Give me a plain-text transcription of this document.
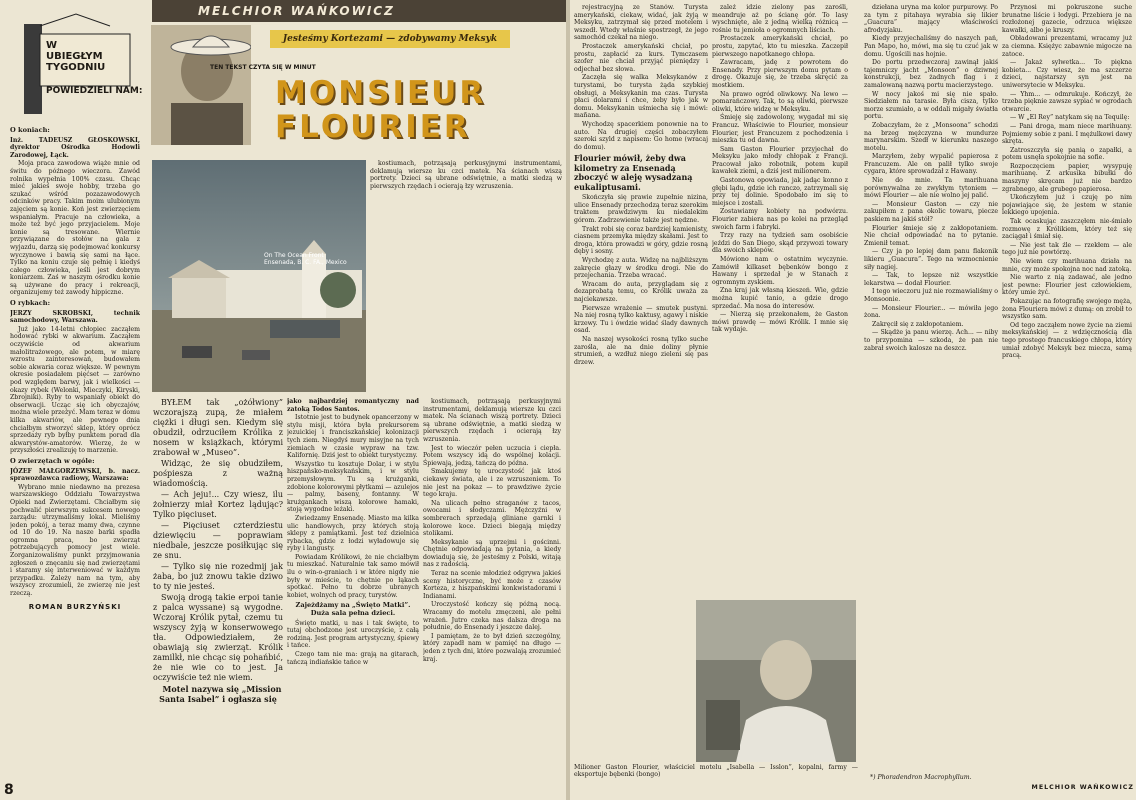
W
UBIEGŁYM
TYGODNIU
POWIEDZIELI NAM:
O koniach:

Inż. TADEUSZ GŁOSKOWSKI, dyrektor Ośrodka Hodowli Zarodowej, Łąck.

Moja praca zawodowa wiąże mnie od świtu do późnego wieczora. Zawód rolnika wypełnia 100% czasu. Chcąc mieć jakieś swoje hobby, trzeba go szukać wśród pozazawodowych odcinków pracy. Takim moim ulubionym zajęciem są konie. Koń jest zwierzęciem wspaniałym. Pracuje na człowieka, a może też być jego przyjacielem. Moje konie są tresowane. Wiernie przywiązane do stołów na gala z wyjazdu, darzą się podejmować konkursy wyczynowe i bawią się sami na łące. Tylko na koniu czuje się pełnię i kiedyś całego człowieka, jeśli jest dobrym koniarzem. Zaś w naszym ośrodku konie są używane do pracy i rekreacji, organizujemy też zawody hippiczne.

O rybkach:

JERZY SKROBSKI, technik samochodowy, Warszawa.

Już jako 14-letni chłopiec zacząłem hodować rybki w akwarium. Zacząłem oczywiście od akwarium małolitrażowego, ale potem, w miarę wzrostu zainteresowań, budowałem sobie akwaria coraz większe. W pewnym okresie posiadałem pięćset — zarówno pod względem barwy, jak i wielkości — okazy rybek (Welonki, Mieczyki, Kiryski, Zbrojniki). Ryby to wspaniały obiekt do obserwacji. Ucząc się ich obyczajów, można wiele przeżyć. Mam teraz w domu kilka akwariów, ale pewnego dnia chciałbym stworzyć sklep, który oprócz sprzedaży ryb byłby punktem porad dla akwarystów-amatorów. Wierzę, że w przyszłości zrealizuję to marzenie.

O zwierzętach w ogóle:

JÓZEF MAŁGORZEWSKI, b. nacz. sprawozdawca radiowy, Warszawa:

Wybrano mnie niedawno na prezesa warszawskiego Oddziału Towarzystwa Opieki nad Zwierzętami. Chciałbym się pochwalić pierwszym sukcesem nowego zarządu: utrzymaliśmy lokal. Mieliśmy jeden pokój, a teraz mamy dwa, czynne od 10 do 19. Na nasze barki spadła ogromna praca, bo zwierząt potrzebujących pomocy jest wiele. Zorganizowaliśmy punkt przyjmowania zgłoszeń o znęcaniu się nad zwierzętami i staramy się interweniować w każdym przypadku. Zależy nam na tym, aby wszyscy zrozumieli, że zwierzę nie jest rzeczą.

ROMAN BURZYŃSKI
8
MELCHIOR WAŃKOWICZ
TEN TEKST CZYTA SIĘ W MINUT
Jesteśmy Kortezami — zdobywamy Meksyk
MONSIEUR
FLOURIER
On The Ocean Front
Ensenada, B. C. FA., Mexico

BYŁEM tak „ożółwiony” wczorajszą zupą, że miałem ciężki i długi sen. Kiedym się obudził, odrzuciłem Królika z nosem w książkach, którymi zrabował w „Museo”.

Widząc, że się obudziłem, pośpiesza z ważną wiadomością.

— Ach jeju!... Czy wiesz, ilu żołnierzy miał Kortez lądując? Tylko pięciuset.

— Pięciuset czterdziestu dziewięciu — poprawiam niedbale, jeszcze posiłkując się ze snu.

— Tylko się nie rozedmij jak żaba, bo już znowu takie dziwo to ty nie jesteś.

Swoją drogą takie erpoi tanie z palca wyssane) są wygodne. Wczoraj Królik pytał, czemu tu wszyscy żyją w konserwowego tła. Odpowiedziałem, że obawiają się zwierząt. Królik zamilkł, nie chcąc się pohańbić, że nie wie co to jest. Ja oczywiście też nie wiem.

Motel nazywa się „Mission Santa Isabel” i ogłasza się

jako najbardziej romantyczny nad zatoką Todos Santos.

Istotnie jest to budynek opancerzony w stylu misji, która była prekursorem jezuickiej i franciszkańskiej kolonizacji tych ziem. Niegdyś mury misyjne na tych ziemiach w czasie wypraw na tzw. Kalifornię. Dziś jest to obiekt turystyczny.

Wszystko tu kosztuje Dolar, i w stylu hiszpańsko-meksykańskim, i w stylu przemysłowym. Tu są krużganki, zdobione kolorowymi płytkami — azulejos — palmy, baseny, fontanny. W krużgankach wiszą kolorowe hamaki, stoją wygodne leżaki.

Zwiedzamy Ensenadę. Miasto ma kilka ulic handlowych, przy których stoją sklepy z pamiątkami. Jest też dzielnica rybacka, gdzie z łodzi wyładowuje się ryby i langusty.

Powiadam Królikowi, że nie chciałbym tu mieszkać. Naturalnie tak samo mówił ilu o win-o-graniach i w które nigdy nie były w mieście, to chętnie po łąkach spotkać. Pełno tu dobrze ubranych kobiet, wolnych od pracy, turystów.

Zajeżdżamy na „Święto Matki”. Duża sala pełna dzieci.

Święto matki, u nas i tak święte, to tutaj obchodzone jest uroczyście, z całą rodziną. Jest program artystyczny, śpiewy i tańce.

Czego tam nie ma: grają na gitarach, tańczą indiańskie tańce w

kostiumach, potrząsają perkusyjnymi instrumentami, deklamują wiersze ku czci matek. Na ścianach wiszą portrety. Dzieci są ubrane odświętnie, a matki siedzą w pierwszych rzędach i ocierają łzy wzruszenia.

Jest to wieczór pełen uczucia i ciepła. Potem wszyscy idą do wspólnej kolacji. Śpiewają, jedzą, tańczą do późna.

Smakujemy tę uroczystość jak ktoś ciekawy świata, ale i ze wzruszeniem. To nie jest na pokaz — to prawdziwe życie tego kraju.

Na ulicach pełno straganów z tacos, owocami i słodyczami. Mężczyźni w sombrerach sprzedają gliniane garnki i kolorowe koce. Dzieci biegają między stolikami.

Meksykanie są uprzejmi i gościnni. Chętnie odpowiadają na pytania, a kiedy dowiadują się, że jesteśmy z Polski, witają nas z radością.

Teraz na scenie młodzież odgrywa jakieś sceny historyczne, być może z czasów Korteza, z hiszpańskimi konkwistadorami i Indianami.

Uroczystość kończy się późną nocą. Wracamy do motelu zmęczeni, ale pełni wrażeń. Jutro czeka nas dalsza droga na południe, do Ensenady i jeszcze dalej.

I pamiętam, że to był dzień szczególny, który zapadł nam w pamięć na długo — jeden z tych dni, które pozwalają zrozumieć kraj.

kostiumach, potrząsają perkusyjnymi instrumentami, deklamują wiersze ku czci matek. Na ścianach wiszą portrety. Dzieci są ubrane odświętnie, a matki siedzą w pierwszych rzędach i ocierają łzy wzruszenia.

rejestracyjną ze Stanów. Turysta amerykański, ciekaw, widać, jak żyją w Meksyku, zatrzymał się przed motelem i wszedł. Wtedy właśnie spostrzegł, że jego samochód czekał na niego.

Prostaczek amerykański chciał, po prostu, zapłacić za kurs. Tymczasem szofer nie chciał przyjąć pieniędzy i odjechał bez słowa.

Zaczęła się walka Meksykanów z turystami, bo turysta żąda szybkiej obsługi, a Meksykanin ma czas. Turysta płaci dolarami i chce, żeby było jak w domu. Meksykanin uśmiecha się i mówi: mañana.

Wychodzę spacerkiem ponownie na to auto. Na drugiej części zobaczyłem szeroki szyld z napisem: Go home (wracaj do domu).

Flourier mówił, żeby dwa kilometry za Ensenadą zboczyć w aleję wysadzaną eukaliptusami.

Skończyła się prawie zupełnie nizina, ulice Ensenady przechodzą teraz szerokim traktem prawdziwym ku niedalekim górom. Zadrzewienie także jest nędzne.

Trakt robi się coraz bardziej kamienisty, ciasnem przemyka między skałami. Jest to droga, która prowadzi w góry, gdzie rosną dęby i sosny.

Wychodzę z auta. Widzę na najbliższym zakręcie głazy w środku drogi. Nie do przejechania. Trzeba wracać.

Wracam do auta, przyglądam się z dezaprobatą temu, co Królik uważa za najciekawsze.

Pierwsze wrażenie — smutek pustyni. Na niej rosną tylko kaktusy, agawy i niskie krzewy. Tu i ówdzie widać ślady dawnych osad.

Na naszej wysokości rosną tylko suche zarośla, ale na dnie doliny płynie strumień, a wzdłuż niego zieleni się pas drzew.

zależ idzie zielony pas zarośli, meandruje aż po ścianę gór. To lasy wyschnięte, ale z jedną wielką różnicą — rośnie tu jemioła o ogromnych liściach.

Prostaczek amerykański chciał, po prostu, zapytać, kto tu mieszka. Zaczepił pierwszego napotkanego chłopa.

Zawracam, jadę z powrotem do Ensenady. Przy pierwszym domu pytam o drogę. Okazuje się, że trzeba skręcić za mostkiem.

Na prawo ogród oliwkowy. Na lewo — pomarańczowy. Tak, to są oliwki, pierwsze oliwki, które widzę w Meksyku.

Śmieję się zadowolony, wygadał mi się Francuz. Właściwie to Flourier, monsieur Flourier, jest Francuzem z pochodzenia i mieszka tu od dawna.

Sam Gaston Flourier przyjechał do Meksyku jako młody chłopak z Francji. Pracował jako robotnik, potem kupił kawałek ziemi, a dziś jest milionerem.

Gastonowa opowiada, jak jadąc konno z głębi lądu, gdzie ich ranczo, zatrzymali się przy tej dolinie. Spodobało im się to miejsce i zostali.

Zostawiamy kobiety na podwórzu. Flourier zabiera nas po kolei na przegląd swoich farm i fabryki.

Trzy razy na tydzień sam osobiście jeździ do San Diego, skąd przywozi towary dla swoich sklepów.

Mówiono nam o ostatnim wyczynie. Zamówił kilkaset bębenków bongo z Hawany i sprzedał je w Stanach z ogromnym zyskiem.

Zna kraj jak własną kieszeń. Wie, gdzie można kupić tanio, a gdzie drogo sprzedać. Ma nosa do interesów.

— Nierzą się przekonałem, że Gaston mówi prawdę — mówi Królik. I mnie się tak wydaje.

Milioner Gaston Flourier, właściciel motelu „Isabella — Isslon”, kopalni, farmy — eksportuje bębenki (bongo)

dziełana uryna ma kolor purpurowy. Po za tym z pitahaya wyrabia się likier „Guacura” mający właściwości afrodyzjaku.

Kiedy przyjechaliśmy do naszych pań, Pan Mapo, ho, mówi, ma się tu czuć jak w domu. Ugościli nas hojnie.

Do portu przedwczoraj zawinął jakiś tajemniczy jacht „Monsoon” o dziwnej konstrukcji, bez żadnych flag i z zamalowaną nazwą portu macierzystego.

W nocy jakoś mi się nie spało. Siedziałem na tarasie. Była cisza, tylko morze szumiało, a w oddali migały światła portu.

Zobaczyłam, że z „Monsoona” schodzi na brzeg mężczyzna w mundurze marynarskim. Szedł w kierunku naszego motelu.

Marzyłem, żeby wypalić papierosa z Francuzem. Ale on palił tylko swoje cygara, które sprowadzał z Hawany.

Nie do mnie. Ta marihuana porównywalna ze zwykłym tytoniem — mówi Flourier — ale nie wolno jej palić.

— Monsieur Gaston — czy nie zakupiłem z pana okolic towaru, piecze paskiem na jakiś stół?

Flourier śmieje się z zakłopotaniem. Nie chciał odpowiadać na to pytanie. Zmienił temat.

— Czy ja po lepiej dam panu flakonik likieru „Guacura”. Tego na wzmocnienie siły nagiej.

— Tak, to lepsze niż wszystkie lekarstwa — dodał Flourier.

I tego wieczoru już nie rozmawialiśmy o Monsoonie.

— Monsieur Flourier... — mówiła jego żona.

Zakręcił się z zakłopotaniem.

— Skądże ja panu wierzę. Ach... — niby to przypomina — szkoda, że pan nie zabrał swoich kalosze na deszcz.

*) Phoradendron Macrophyllum.

Przynosi mi pokruszone suche brunatne liście i łodygi. Przebiera je na rozłożonej gazecie, odrzuca większe kawałki, albo je kruszy.

Obładowani prezentami, wracamy już za ciemna. Księżyc zabawnie migocze na zatoce.

— Jakaż sylwetka... To piękna kobieta... Czy wiesz, że ma szczerze dzieci, najstarszy syn jest na uniwersytecie w Meksyku.

— Yhm... — odmrukuje. Kończył, że trzeba pięknie zawsze sypiać w ogrodach otwarcie.

— W „El Rey” natykam się na Tequilę:

— Pani droga, mam niece marihuany. Pojmiemy sobie z pani. I mężulkowi dawy skręta.

Zatroszczyła się panią o zapałki, a potem usnęła spokojnie na sofie.

Rozpoczęciem papier, wysypuję marihuanę. Z arkusika bibułki do maszyny skręcam już nie bardzo zgrabnego, ale grubego papierosa.

Ukończyłem już i czuję po nim pojawiające się, że jestem w stanie lekkiego upojenia.

Tak ocaskując zaszczęłem nie-śmiało rozmowę z Królikiem, który też się zaciągał i śmiał się.

— Nie jest tak źle — rzekłem — ale tego już nie powtórzę.

Nie wiem czy marihuana działa na mnie, czy może spokojna noc nad zatoką.

Nie warto z nią zadawać, ale jedno jest pewne: Flourier jest człowiekiem, który umie żyć.

Pokazując na fotografię swojego męża, żona Flouriera mówi z dumą: on zrobił to wszystko sam.

Od tego zacząłem nowe życie na ziemi meksykańskiej — z wdzięcznością dla tego prostego francuskiego chłopa, który umiał zdobyć Meksyk bez miecza, samą pracą.

MELCHIOR WAŃKOWICZ
